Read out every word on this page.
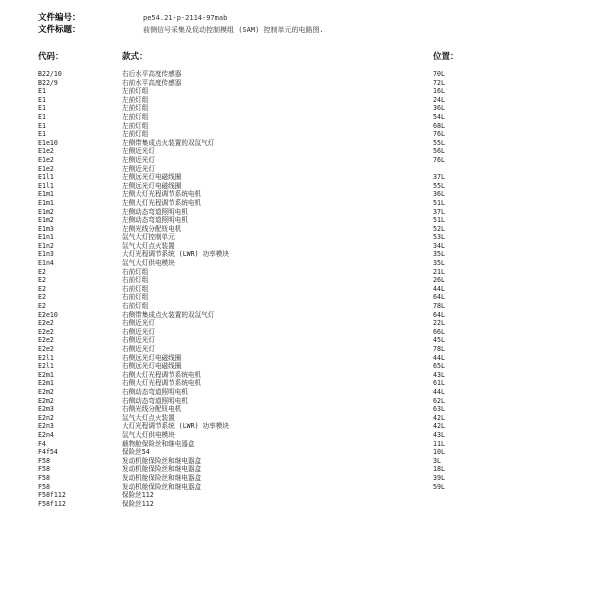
文件编号：	pe54.21-p-2114-97mab
文件标题：	前侧信号采集及促动控制模组 (SAM) 控制单元的电路图.
代码：	款式：	位置：
B22/10	右后水平高度传感器	70L
B22/9	右前水平高度传感器	72L
E1	左前灯组	16L
E1	左前灯组	24L
E1	左前灯组	36L
E1	左前灯组	54L
E1	左前灯组	68L
E1	左前灯组	76L
E1e10	左侧带集成点火装置的双氙气灯	55L
E1e2	左侧近光灯	56L
E1e2	左侧近光灯	76L
E1e2	左侧近光灯
E1l1	左侧远光灯电磁线圈	37L
E1l1	左侧远光灯电磁线圈	55L
E1m1	左侧大灯光程调节系统电机	36L
E1m1	左侧大灯光程调节系统电机	51L
E1m2	左侧动态弯道照明电机	37L
E1m2	左侧动态弯道照明电机	51L
E1m3	左侧光线分配钮电机	52L
E1n1	氙气大灯控制单元	53L
E1n2	氙气大灯点火装置	34L
E1n3	大灯光程调节系统 (LWR) 功率模块	35L
E1n4	氙气大灯供电模块	35L
E2	右前灯组	21L
E2	右前灯组	26L
E2	右前灯组	44L
E2	右前灯组	64L
E2	右前灯组	78L
E2e10	右侧带集成点火装置的双氙气灯	64L
E2e2	右侧近光灯	22L
E2e2	右侧近光灯	66L
E2e2	右侧近光灯	45L
E2e2	右侧近光灯	78L
E2l1	右侧远光灯电磁线圈	44L
E2l1	右侧远光灯电磁线圈	65L
E2m1	右侧大灯光程调节系统电机	43L
E2m1	右侧大灯光程调节系统电机	61L
E2m2	右侧动态弯道照明电机	44L
E2m2	右侧动态弯道照明电机	62L
E2m3	右侧光线分配钮电机	63L
E2n2	氙气大灯点火装置	42L
E2n3	大灯光程调节系统 (LWR) 功率模块	42L
E2n4	氙气大灯供电模块	43L
F4	载物舱保险丝和继电器盒	11L
F4f54	保险丝54	10L
F58	发动机舱保险丝和继电器盒	3L
F58	发动机舱保险丝和继电器盒	18L
F58	发动机舱保险丝和继电器盒	39L
F58	发动机舱保险丝和继电器盒	59L
F58f112	保险丝112
F58f112	保险丝112
